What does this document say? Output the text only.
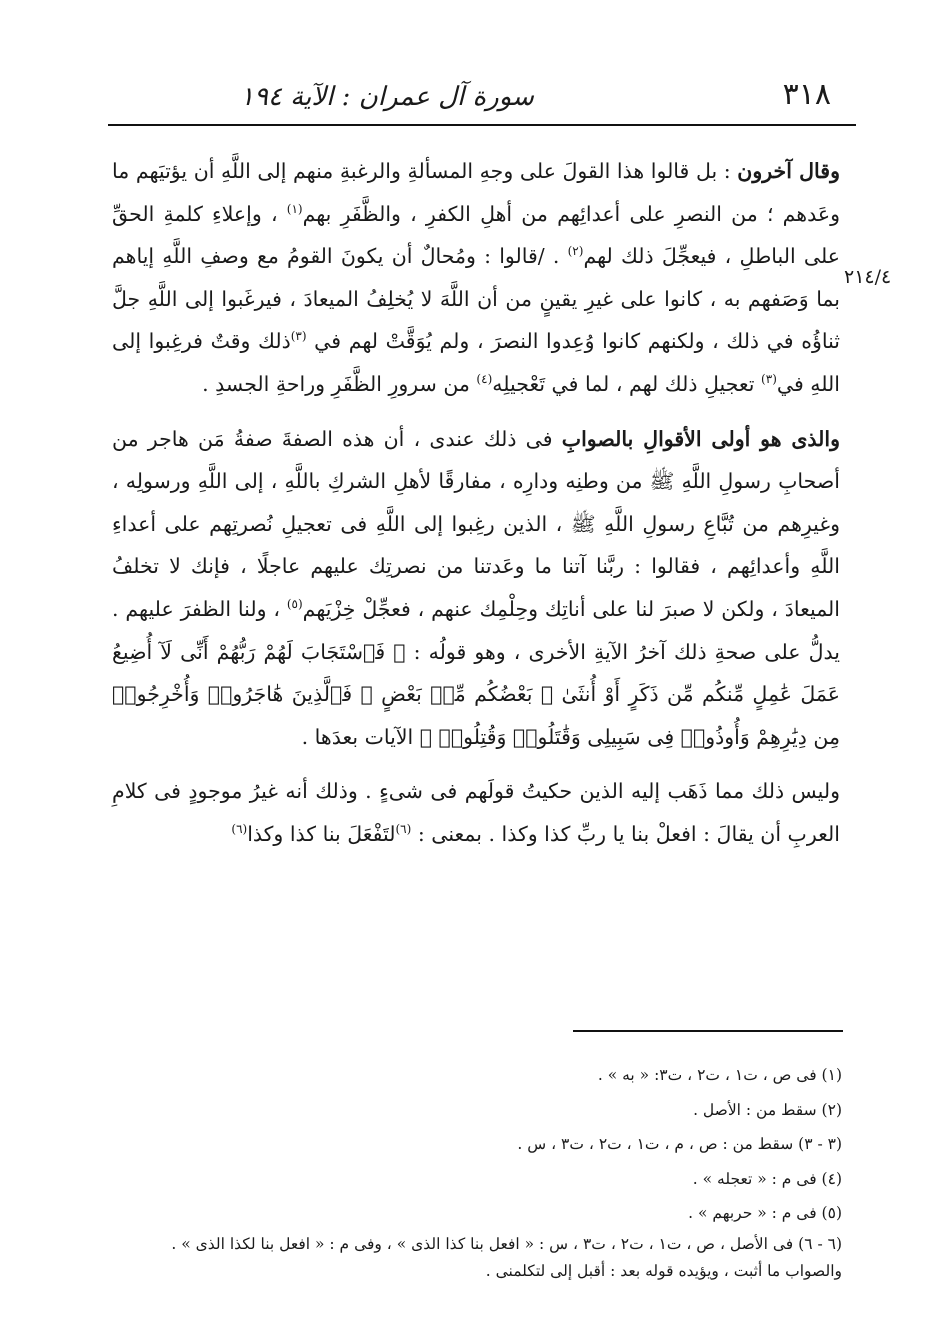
٣١٨
سورة آل عمران : الآية ١٩٤
٢١٤/٤

وقال آخرون : بل قالوا هذا القولَ على وجهِ المسألةِ والرغبةِ منهم إلى اللَّهِ أن يؤتيَهم ما وعَدهم ؛ من النصرِ على أعدائِهم من أهلِ الكفرِ ، والظَّفَرِ بهم$^{(١)}$ ، وإعلاءِ كلمةِ الحقِّ على الباطلِ ، فيعجِّلَ ذلك لهم$^{(٢)}$ . /قالوا : ومُحالٌ أن يكونَ القومُ مع وصفِ اللَّهِ إياهم بما وَصَفهم به ، كانوا على غيرِ يقينٍ من أن اللَّهَ لا يُخلِفُ الميعادَ ، فيرغَبوا إلى اللَّهِ جلَّ ثناؤُه في ذلك ، ولكنهم كانوا وُعِدوا النصرَ ، ولم يُوَقَّتْ لهم في $^{(٣)}$ذلك وقتٌ فرغِبوا إلى اللهِ في$^{(٣)}$ تعجيلِ ذلك لهم ، لما في تَعْجيلِه$^{(٤)}$ من سرورِ الظَّفَرِ وراحةِ الجسدِ .

والذى هو أولى الأقوالِ بالصوابِ فى ذلك عندى ، أن هذه الصفةَ صفةُ مَن هاجر من أصحابِ رسولِ اللَّهِ ﷺ من وطنِه ودارِه ، مفارقًا لأهلِ الشركِ باللَّهِ ، إلى اللَّهِ ورسولِه ، وغيرِهم من تُبَّاعِ رسولِ اللَّهِ ﷺ ، الذين رغِبوا إلى اللَّهِ فى تعجيلِ نُصرتِهم على أعداءِ اللَّهِ وأعدائِهم ، فقالوا : ربَّنا آتنا ما وعَدتنا من نصرتِك عليهم عاجلًا ، فإنك لا تخلفُ الميعادَ ، ولكن لا صبرَ لنا على أناتِك وحِلْمِك عنهم ، فعجِّلْ خِزْيَهم$^{(٥)}$ ، ولنا الظفرَ عليهم . يدلُّ على صحةِ ذلك آخرُ الآيةِ الأخرى ، وهو قولُه : ﴿ فَٱسْتَجَابَ لَهُمْ رَبُّهُمْ أَنِّى لَآ أُضِيعُ عَمَلَ عَٰمِلٍ مِّنكُم مِّن ذَكَرٍ أَوْ أُنثَىٰ ۖ بَعْضُكُم مِّنۢ بَعْضٍ ۖ فَٱلَّذِينَ هَٰاجَرُوا۟ وَأُخْرِجُوا۟ مِن دِيَٰرِهِمْ وَأُوذُوا۟ فِى سَبِيلِى وَقَٰتَلُوا۟ وَقُتِلُوا۟ ﴾ الآيات بعدَها .

وليس ذلك مما ذَهَب إليه الذين حكيتُ قولَهم فى شىءٍ . وذلك أنه غيرُ موجودٍ فى كلامِ العربِ أن يقالَ : افعلْ بنا يا ربِّ كذا وكذا . بمعنى : $^{(٦)}$لتَفْعَلَ بنا كذا وكذا$^{(٦)}$

(١) فى ص ، ت١ ، ت٢ ، ت٣: « به » .

(٢) سقط من : الأصل .

(٣ - ٣) سقط من : ص ، م ، ت١ ، ت٢ ، ت٣ ، س .

(٤) فى م : « تعجله » .

(٥) فى م : « حربهم » .

(٦ - ٦) فى الأصل ، ص ، ت١ ، ت٢ ، ت٣ ، س : « افعل بنا كذا الذى » ، وفى م : « افعل بنا لكذا الذى » .

والصواب ما أثبت ، ويؤيده قوله بعد : أقبل إلى لتكلمنى .
